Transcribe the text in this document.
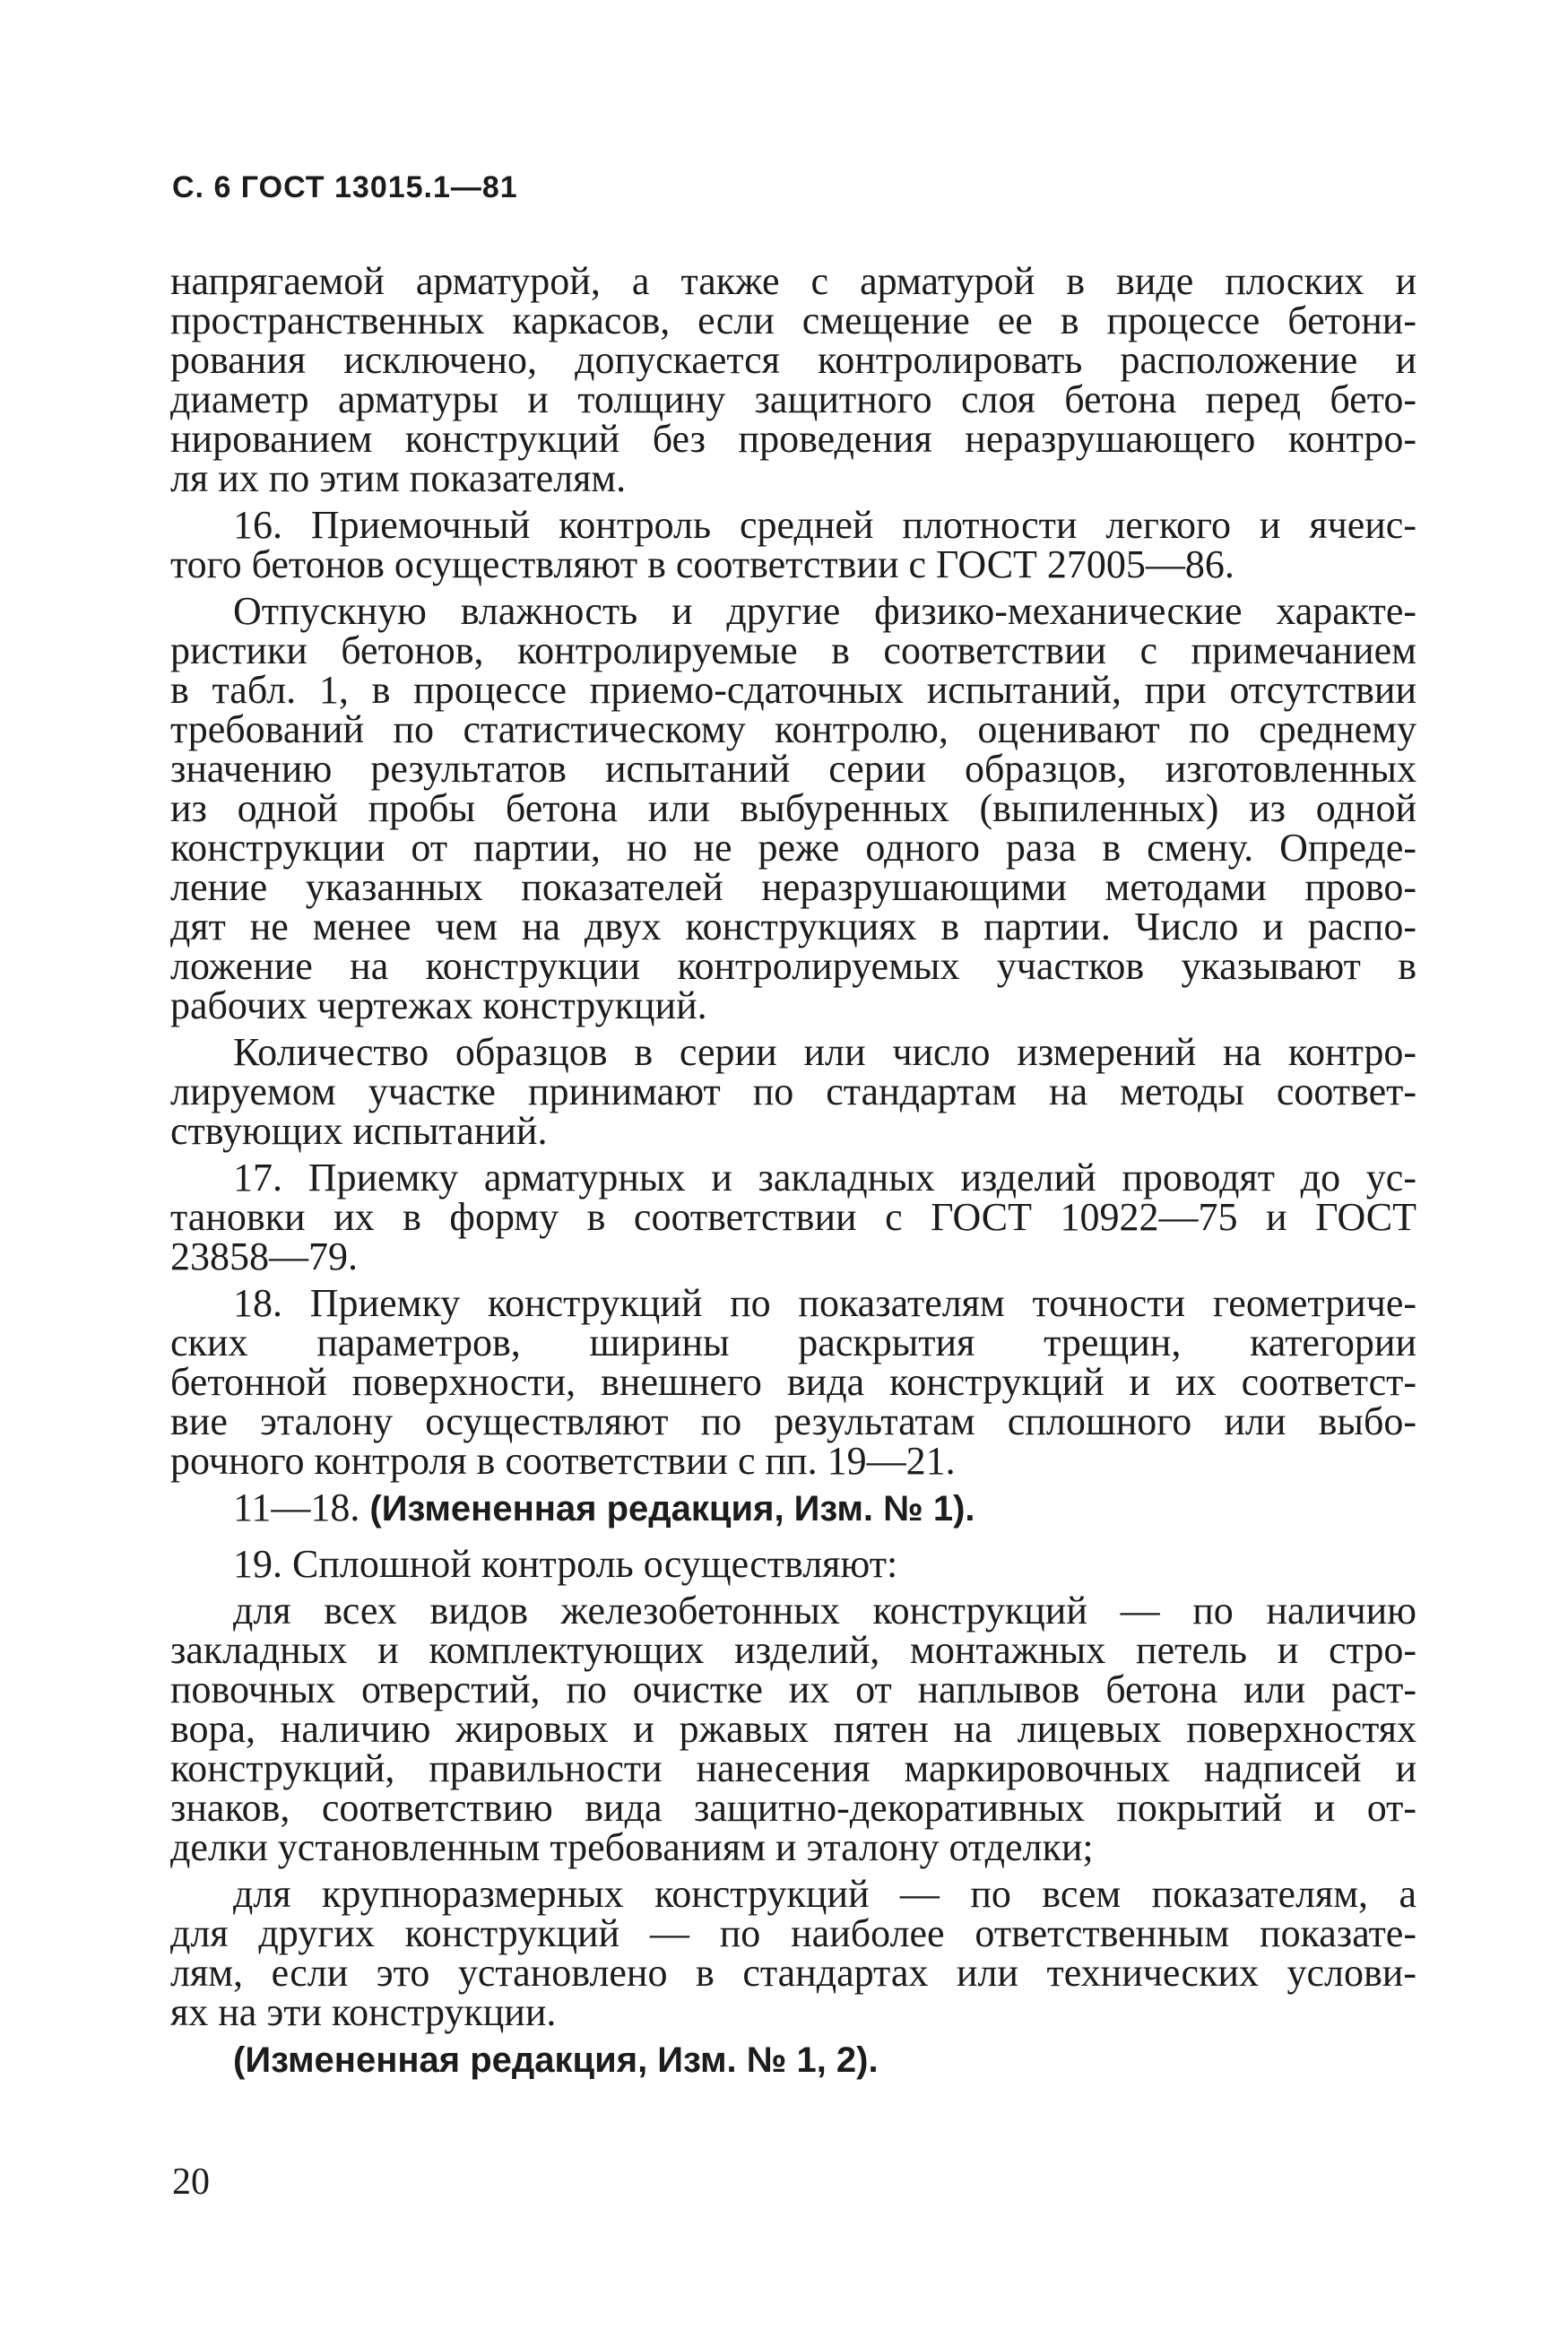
С. 6 ГОСТ 13015.1—81
напрягаемой арматурой, а также с арматурой в виде плоских и
пространственных каркасов, если смещение ее в процессе бетони-
рования исключено, допускается контролировать расположение и
диаметр арматуры и толщину защитного слоя бетона перед бето-
нированием конструкций без проведения неразрушающего контро-
ля их по этим показателям.
16. Приемочный контроль средней плотности легкого и ячеис-
того бетонов осуществляют в соответствии с ГОСТ 27005—86.
Отпускную влажность и другие физико-механические характе-
ристики бетонов, контролируемые в соответствии с примечанием
в табл. 1, в процессе приемо-сдаточных испытаний, при отсутствии
требований по статистическому контролю, оценивают по среднему
значению результатов испытаний серии образцов, изготовленных
из одной пробы бетона или выбуренных (выпиленных) из одной
конструкции от партии, но не реже одного раза в смену. Опреде-
ление указанных показателей неразрушающими методами прово-
дят не менее чем на двух конструкциях в партии. Число и распо-
ложение на конструкции контролируемых участков указывают в
рабочих чертежах конструкций.
Количество образцов в серии или число измерений на контро-
лируемом участке принимают по стандартам на методы соответ-
ствующих испытаний.
17. Приемку арматурных и закладных изделий проводят до ус-
тановки их в форму в соответствии с ГОСТ 10922—75 и ГОСТ
23858—79.
18. Приемку конструкций по показателям точности геометриче-
ских параметров, ширины раскрытия трещин, категории
бетонной поверхности, внешнего вида конструкций и их соответст-
вие эталону осуществляют по результатам сплошного или выбо-
рочного контроля в соответствии с пп. 19—21.
11—18. (Измененная редакция, Изм. № 1).
19. Сплошной контроль осуществляют:
для всех видов железобетонных конструкций — по наличию
закладных и комплектующих изделий, монтажных петель и стро-
повочных отверстий, по очистке их от наплывов бетона или раст-
вора, наличию жировых и ржавых пятен на лицевых поверхностях
конструкций, правильности нанесения маркировочных надписей и
знаков, соответствию вида защитно-декоративных покрытий и от-
делки установленным требованиям и эталону отделки;
для крупноразмерных конструкций — по всем показателям, а
для других конструкций — по наиболее ответственным показате-
лям, если это установлено в стандартах или технических услови-
ях на эти конструкции.
(Измененная редакция, Изм. № 1, 2).
20
